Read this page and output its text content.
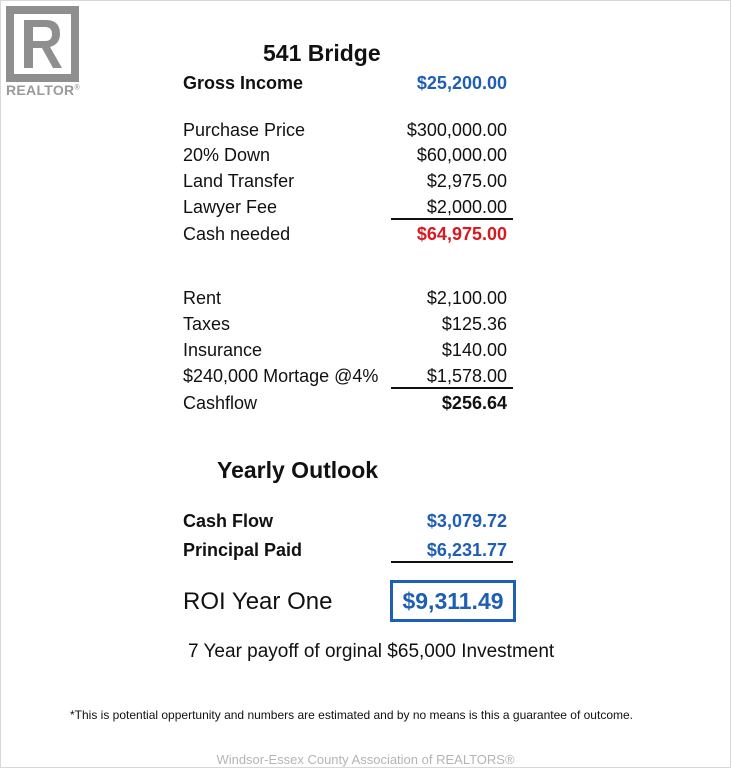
REALTOR®
541 Bridge
Gross Income	$25,200.00
Purchase Price	$300,000.00
20% Down	$60,000.00
Land Transfer	$2,975.00
Lawyer Fee	$2,000.00
Cash needed	$64,975.00
Rent	$2,100.00
Taxes	$125.36
Insurance	$140.00
$240,000 Mortage @4%	$1,578.00
Cashflow	$256.64
Yearly Outlook
Cash Flow	$3,079.72
Principal Paid	$6,231.77
ROI Year One	$9,311.49
7 Year payoff of orginal $65,000 Investment
*This is potential oppertunity and numbers are estimated and by no means is this a guarantee of outcome.
Windsor-Essex County Association of REALTORS®
